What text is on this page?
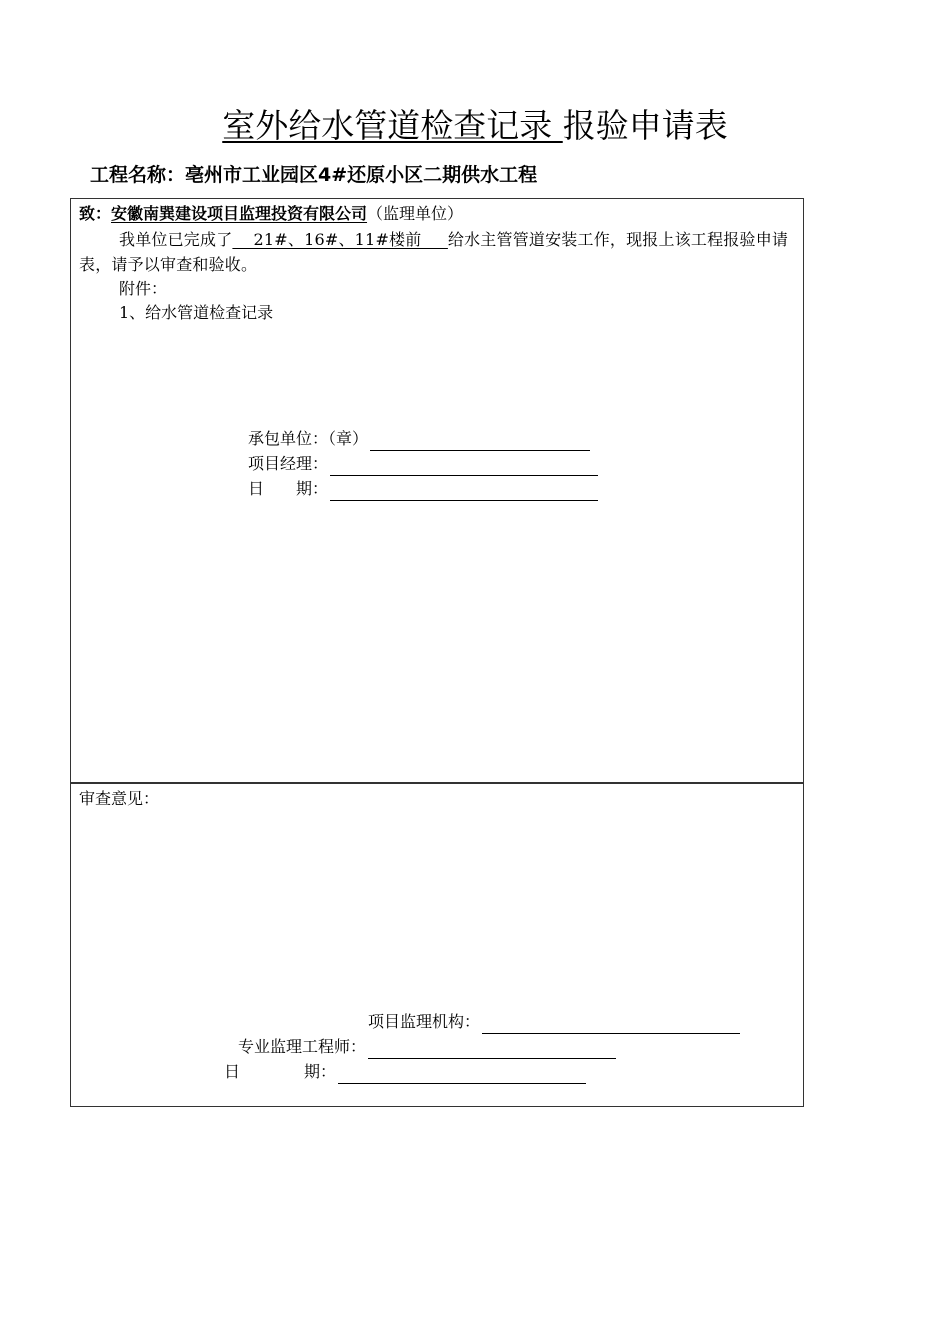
室外给水管道检查记录 报验申请表
工程名称：亳州市工业园区4#还原小区二期供水工程
致：安徽南巽建设项目监理投资有限公司（监理单位）
我单位已完成了    21#、16#、11#楼前     给水主管管道安装工作，现报上该工程报验申请表，请予以审查和验收。
附件：
1、给水管道检查记录
承包单位：（章）
项目经理：
日　　期：
审查意见：
项目监理机构：
专业监理工程师：
日　　　　期：
